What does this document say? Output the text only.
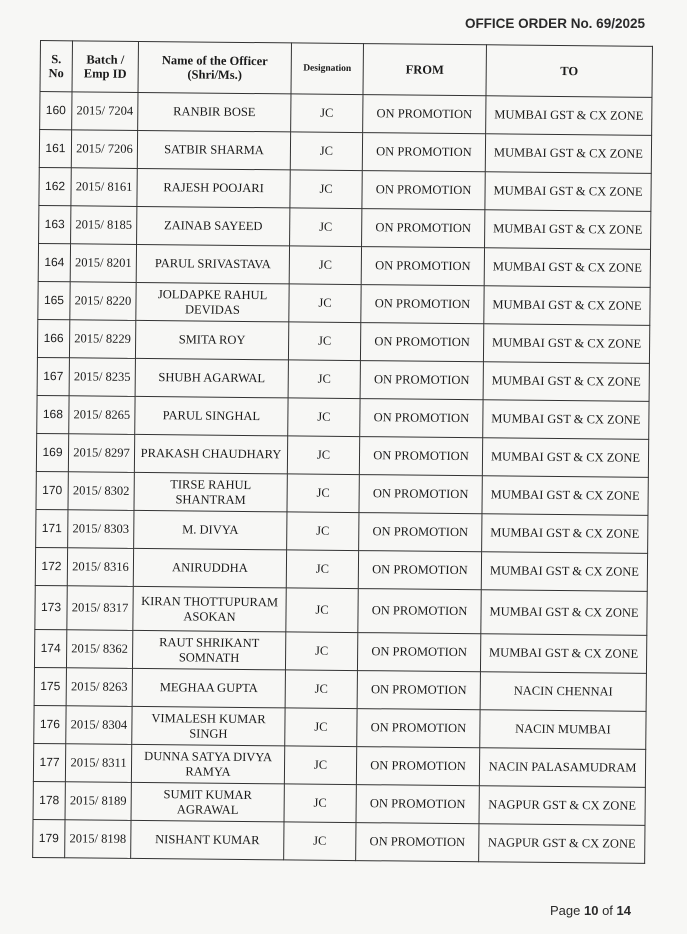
OFFICE ORDER No. 69/2025
S. No	Batch / Emp ID	Name of the Officer (Shri/Ms.)	Designation	FROM	TO
160	2015/ 7204	RANBIR BOSE	JC	ON PROMOTION	MUMBAI GST & CX ZONE
161	2015/ 7206	SATBIR SHARMA	JC	ON PROMOTION	MUMBAI GST & CX ZONE
162	2015/ 8161	RAJESH POOJARI	JC	ON PROMOTION	MUMBAI GST & CX ZONE
163	2015/ 8185	ZAINAB SAYEED	JC	ON PROMOTION	MUMBAI GST & CX ZONE
164	2015/ 8201	PARUL SRIVASTAVA	JC	ON PROMOTION	MUMBAI GST & CX ZONE
165	2015/ 8220	JOLDAPKE RAHUL DEVIDAS	JC	ON PROMOTION	MUMBAI GST & CX ZONE
166	2015/ 8229	SMITA ROY	JC	ON PROMOTION	MUMBAI GST & CX ZONE
167	2015/ 8235	SHUBH AGARWAL	JC	ON PROMOTION	MUMBAI GST & CX ZONE
168	2015/ 8265	PARUL SINGHAL	JC	ON PROMOTION	MUMBAI GST & CX ZONE
169	2015/ 8297	PRAKASH CHAUDHARY	JC	ON PROMOTION	MUMBAI GST & CX ZONE
170	2015/ 8302	TIRSE RAHUL SHANTRAM	JC	ON PROMOTION	MUMBAI GST & CX ZONE
171	2015/ 8303	M. DIVYA	JC	ON PROMOTION	MUMBAI GST & CX ZONE
172	2015/ 8316	ANIRUDDHA	JC	ON PROMOTION	MUMBAI GST & CX ZONE
173	2015/ 8317	KIRAN THOTTUPURAM ASOKAN	JC	ON PROMOTION	MUMBAI GST & CX ZONE
174	2015/ 8362	RAUT SHRIKANT SOMNATH	JC	ON PROMOTION	MUMBAI GST & CX ZONE
175	2015/ 8263	MEGHAA GUPTA	JC	ON PROMOTION	NACIN CHENNAI
176	2015/ 8304	VIMALESH KUMAR SINGH	JC	ON PROMOTION	NACIN MUMBAI
177	2015/ 8311	DUNNA SATYA DIVYA RAMYA	JC	ON PROMOTION	NACIN PALASAMUDRAM
178	2015/ 8189	SUMIT KUMAR AGRAWAL	JC	ON PROMOTION	NAGPUR GST & CX ZONE
179	2015/ 8198	NISHANT KUMAR	JC	ON PROMOTION	NAGPUR GST & CX ZONE
Page 10 of 14
